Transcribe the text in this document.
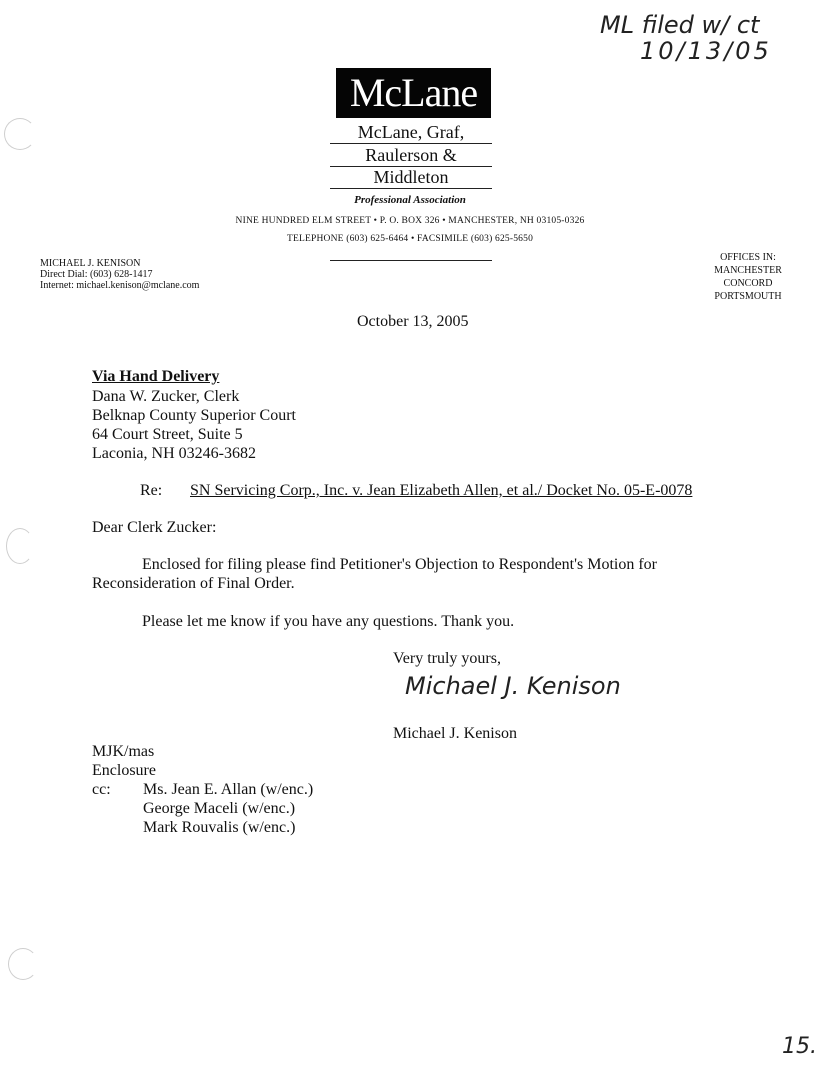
ML filed w/ ct
10/13/05
McLane
McLane, Graf,
Raulerson &
Middleton
Professional Association
NINE HUNDRED ELM STREET • P. O. BOX 326 • MANCHESTER, NH 03105-0326
TELEPHONE (603) 625-6464 • FACSIMILE (603) 625-5650
MICHAEL J. KENISON
Direct Dial: (603) 628-1417
Internet: michael.kenison@mclane.com
OFFICES IN:
MANCHESTER
CONCORD
PORTSMOUTH
October 13, 2005
Via Hand Delivery
Dana W. Zucker, Clerk
Belknap County Superior Court
64 Court Street, Suite 5
Laconia, NH 03246-3682
Re: SN Servicing Corp., Inc. v. Jean Elizabeth Allen, et al./ Docket No. 05-E-0078
Dear Clerk Zucker:
Enclosed for filing please find Petitioner's Objection to Respondent's Motion for Reconsideration of Final Order.
Please let me know if you have any questions. Thank you.
Very truly yours,
Michael J. Kenison
Michael J. Kenison
MJK/mas
Enclosure
cc: Ms. Jean E. Allan (w/enc.)
George Maceli (w/enc.)
Mark Rouvalis (w/enc.)
15.
